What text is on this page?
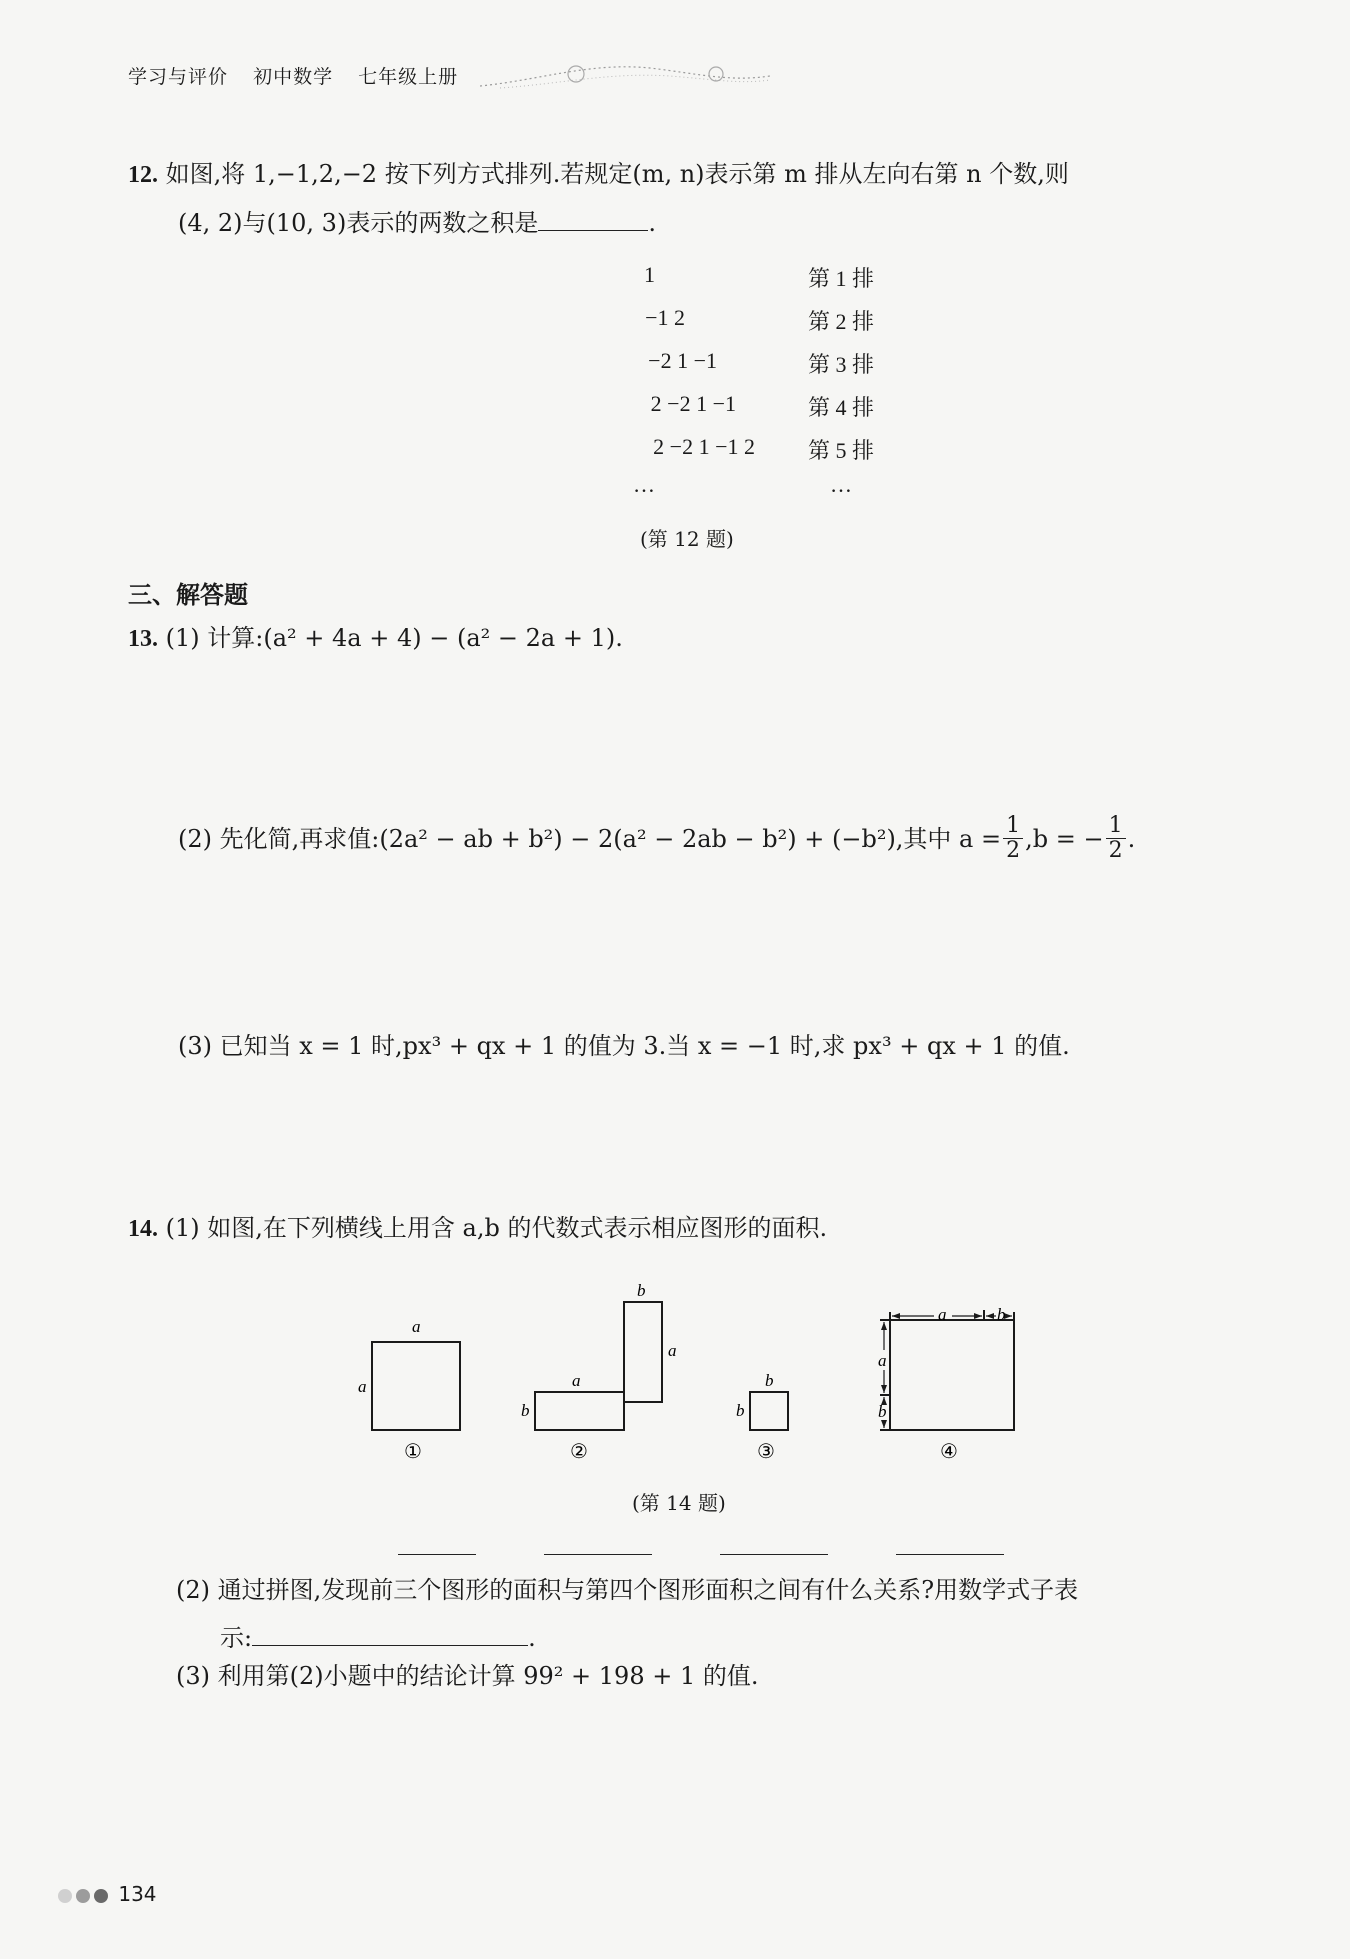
学习与评价 初中数学 七年级上册
12. 如图,将 1,−1,2,−2 按下列方式排列.若规定(m, n)表示第 m 排从左向右第 n 个数,则
(4, 2)与(10, 3)表示的两数之积是	.
1	第 1 排
−1 2	第 2 排
−2 1 −1	第 3 排
2 −2 1 −1	第 4 排
2 −2 1 −1 2 第 5 排
…	…
(第 12 题)
三、解答题
13. (1) 计算:(a² + 4a + 4) − (a² − 2a + 1).
(2) 先化简,再求值: (2a² − ab + b²) − 2(a² − 2ab − b²) + (−b²),其中 $a = \frac{1}{2} ,b$ = − $\frac{1}{2}$ .
(3) 已知当 x = 1 时,px³ + qx + 1 的值为 3.当 x = −1 时,求 px³ + qx + 1 的值.
14. (1) 如图,在下列横线上用含 a,b 的代数式表示相应图形的面积.
a
a
b
a
a
b
b
b
a	b
a
b
①	②	③	④
(第 14 题)
(2) 通过拼图,发现前三个图形的面积与第四个图形面积之间有什么关系?用数学式子表
示:	.
(3) 利用第(2)小题中的结论计算 99² + 198 + 1 的值.
134
